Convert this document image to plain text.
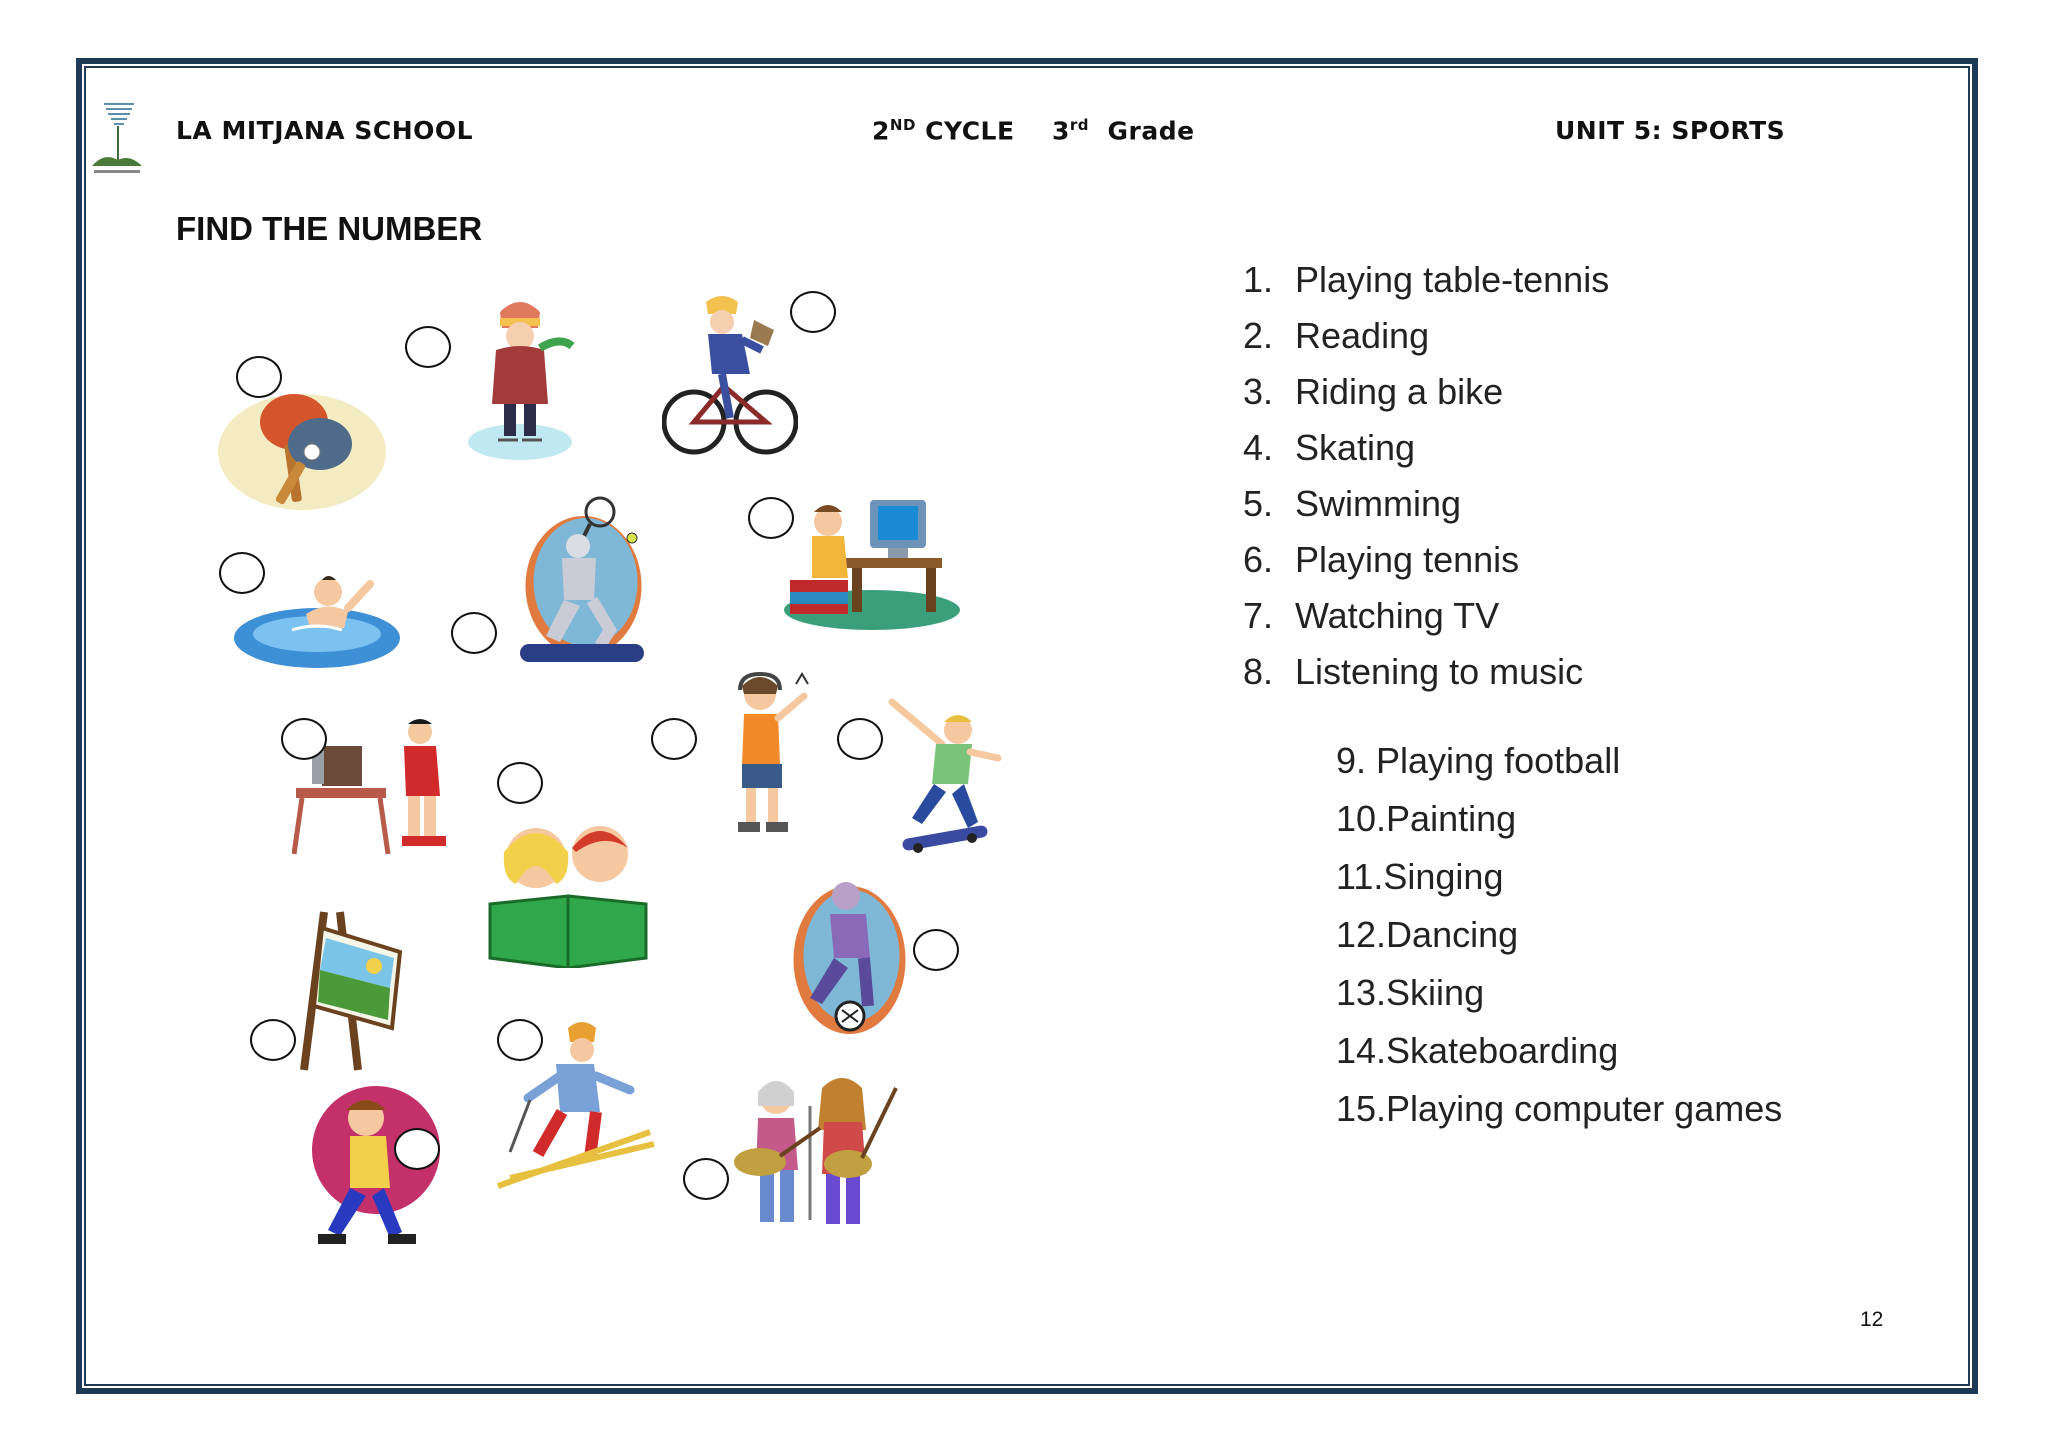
LA MITJANA SCHOOL	2ND CYCLE 3rd Grade	UNIT 5: SPORTS
FIND THE NUMBER
1. Playing table-tennis
2. Reading
3. Riding a bike
4. Skating
5. Swimming
6. Playing tennis
7. Watching TV
8. Listening to music
9. Playing football
10.Painting
11.Singing
12.Dancing
13.Skiing
14.Skateboarding
15.Playing computer games
12
